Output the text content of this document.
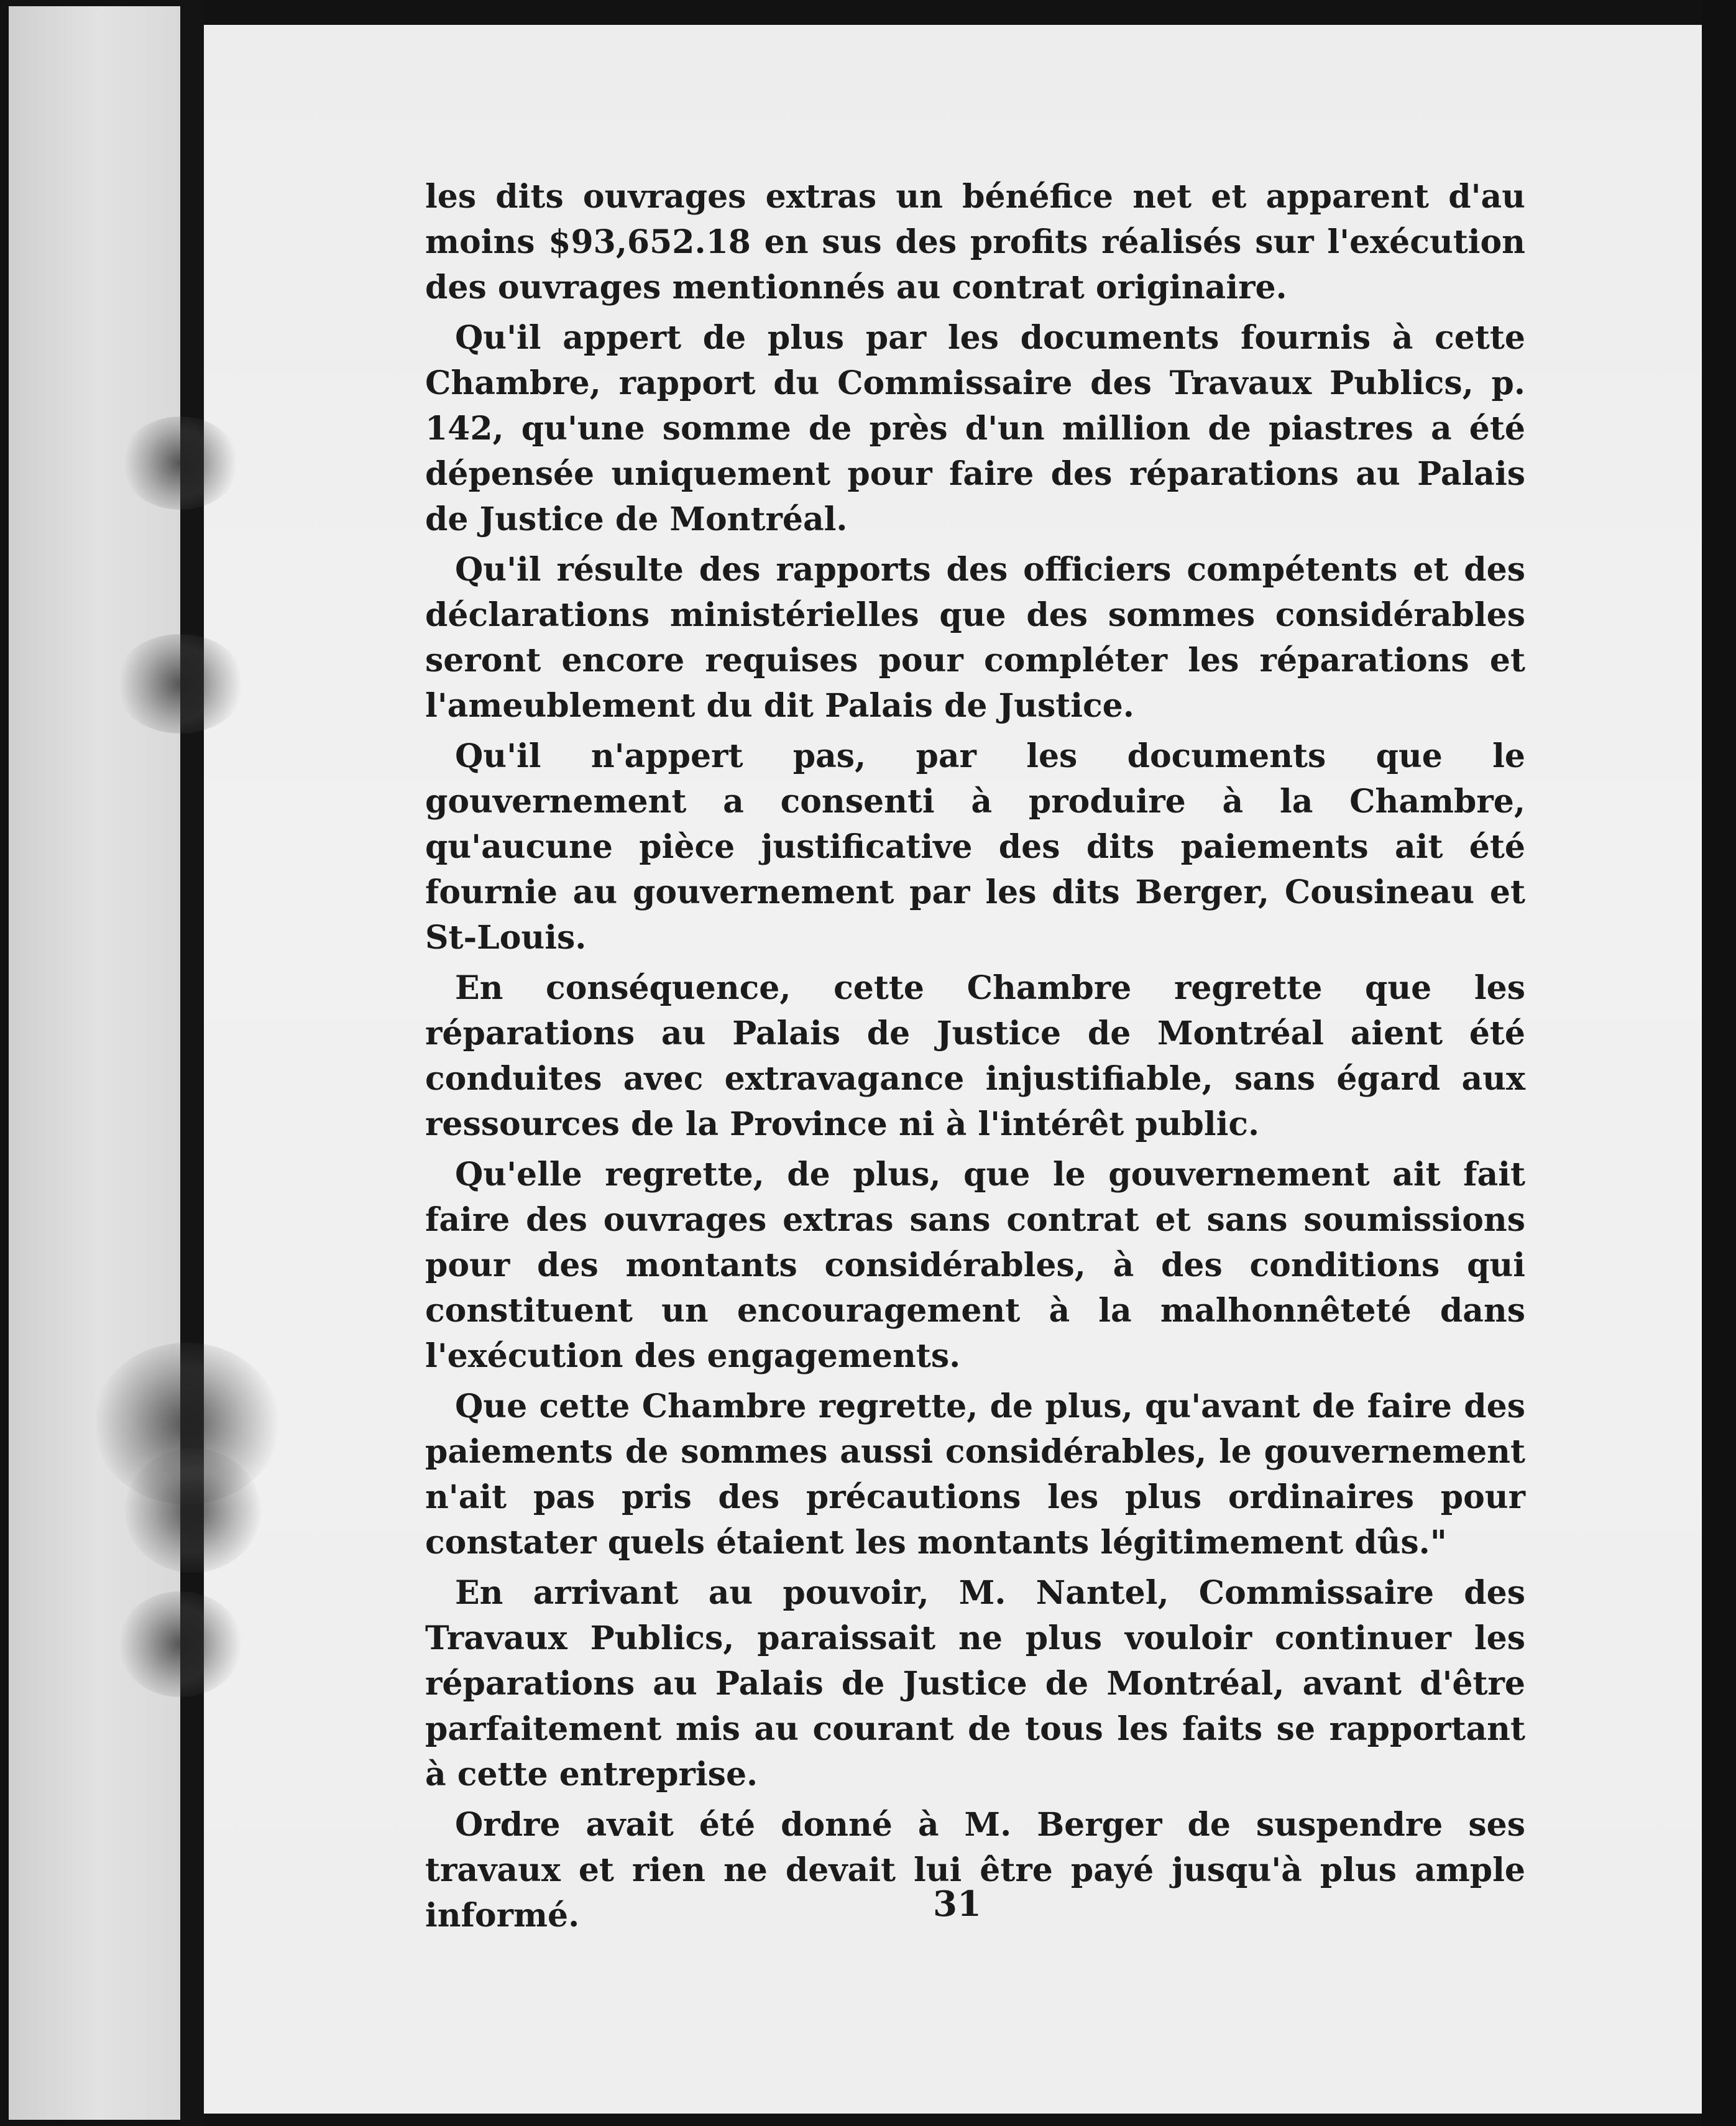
les dits ouvrages extras un bénéfice net et apparent d'au moins $93,652.18 en sus des profits réalisés sur l'exécution des ouvrages mentionnés au contrat originaire.

Qu'il appert de plus par les documents fournis à cette Chambre, rapport du Commissaire des Travaux Publics, p. 142, qu'une somme de près d'un million de piastres a été dépensée uniquement pour faire des réparations au Palais de Justice de Montréal.

Qu'il résulte des rapports des officiers compétents et des déclarations ministérielles que des sommes considérables seront encore requises pour compléter les réparations et l'ameublement du dit Palais de Justice.

Qu'il n'appert pas, par les documents que le gouvernement a consenti à produire à la Chambre, qu'aucune pièce justificative des dits paiements ait été fournie au gouvernement par les dits Berger, Cousineau et St-Louis.

En conséquence, cette Chambre regrette que les réparations au Palais de Justice de Montréal aient été conduites avec extravagance injustifiable, sans égard aux ressources de la Province ni à l'intérêt public.

Qu'elle regrette, de plus, que le gouvernement ait fait faire des ouvrages extras sans contrat et sans soumissions pour des montants considérables, à des conditions qui constituent un encouragement à la malhonnêteté dans l'exécution des engagements.

Que cette Chambre regrette, de plus, qu'avant de faire des paiements de sommes aussi considérables, le gouvernement n'ait pas pris des précautions les plus ordinaires pour constater quels étaient les montants légitimement dûs."

En arrivant au pouvoir, M. Nantel, Commissaire des Travaux Publics, paraissait ne plus vouloir continuer les réparations au Palais de Justice de Montréal, avant d'être parfaitement mis au courant de tous les faits se rapportant à cette entreprise.

Ordre avait été donné à M. Berger de suspendre ses travaux et rien ne devait lui être payé jusqu'à plus ample informé.	31
